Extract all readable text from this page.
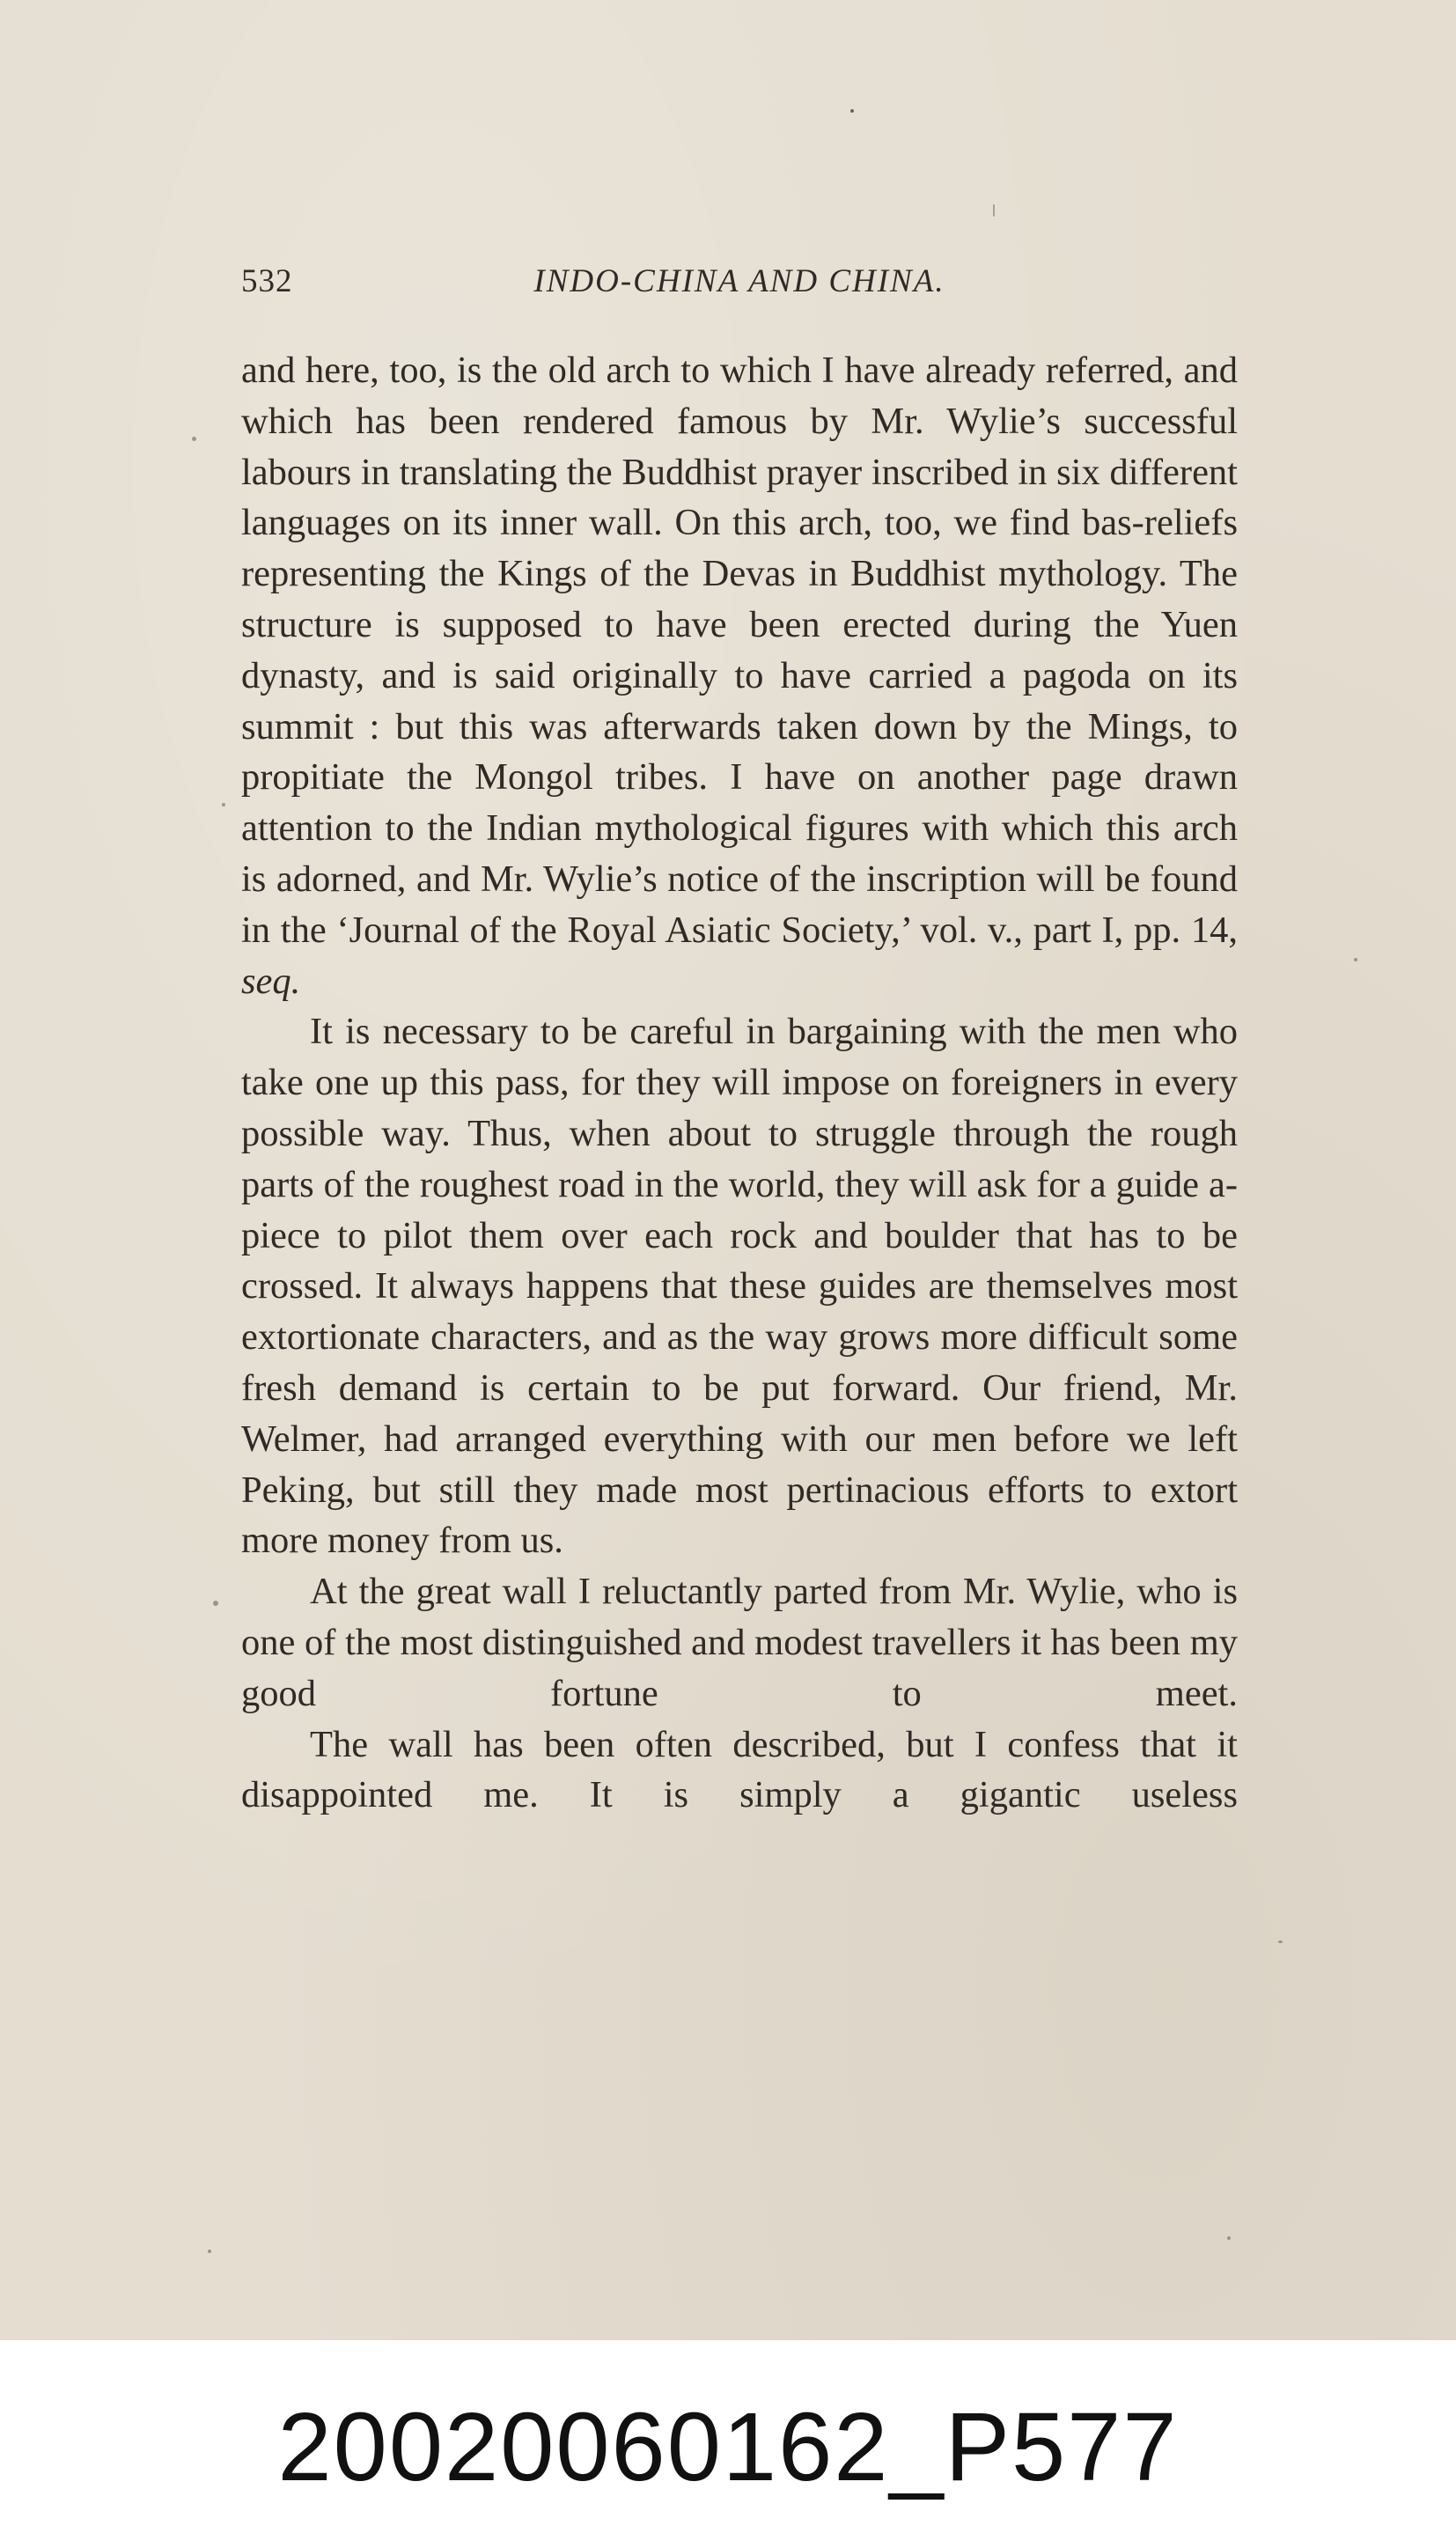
532	INDO-CHINA AND CHINA.

and here, too, is the old arch to which I have already referred, and which has been rendered famous by Mr. Wylie’s successful labours in translating the Buddhist prayer inscribed in six different languages on its inner wall. On this arch, too, we find bas-reliefs representing the Kings of the Devas in Buddhist mythology. The structure is supposed to have been erected during the Yuen dynasty, and is said originally to have carried a pagoda on its summit : but this was afterwards taken down by the Mings, to propitiate the Mongol tribes. I have on another page drawn attention to the Indian mythological figures with which this arch is adorned, and Mr. Wylie’s notice of the inscription will be found in the ‘Journal of the Royal Asiatic Society,’ vol. v., part I, pp. 14, seq.

It is necessary to be careful in bargaining with the men who take one up this pass, for they will impose on foreigners in every possible way. Thus, when about to struggle through the rough parts of the roughest road in the world, they will ask for a guide a-piece to pilot them over each rock and boulder that has to be crossed. It always happens that these guides are themselves most extortionate characters, and as the way grows more difficult some fresh demand is certain to be put forward. Our friend, Mr. Welmer, had arranged everything with our men before we left Peking, but still they made most pertinacious efforts to extort more money from us.

At the great wall I reluctantly parted from Mr. Wylie, who is one of the most distinguished and modest travellers it has been my good fortune to meet.

The wall has been often described, but I confess that it disappointed me. It is simply a gigantic useless

20020060162_P577
